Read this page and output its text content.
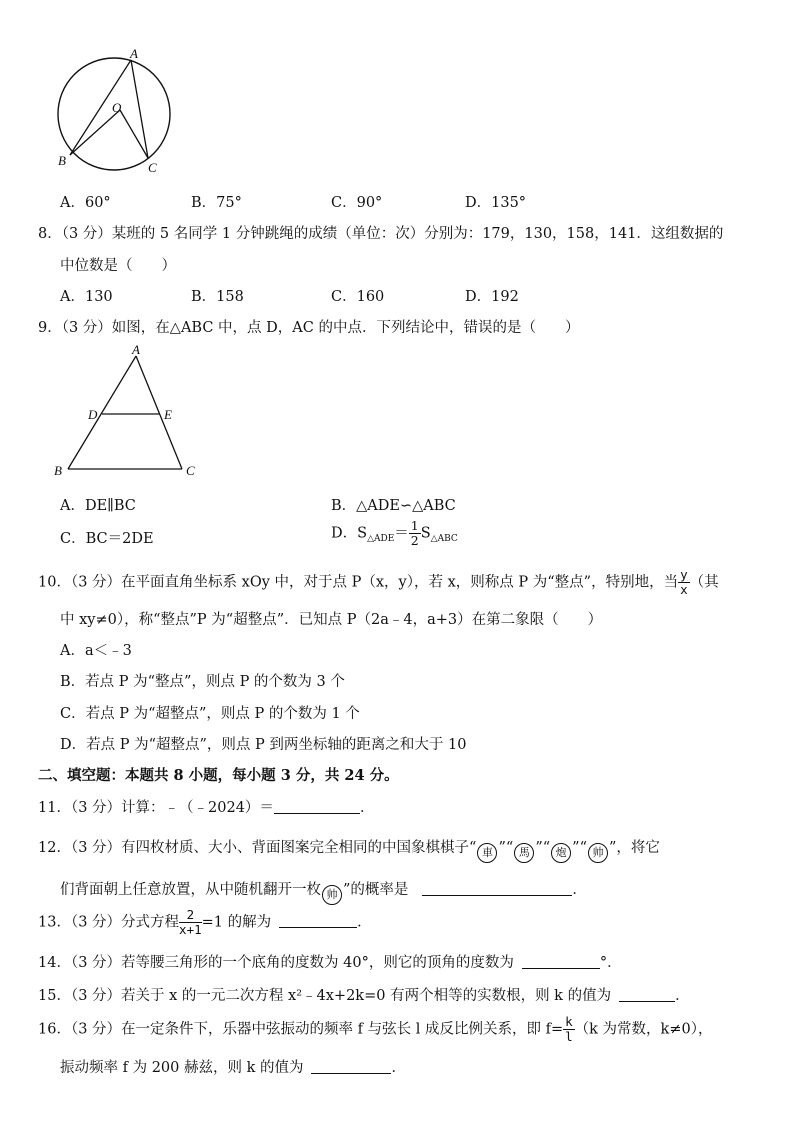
A
O
B	C
A．60°	B．75°	C．90°	D．135°
8．（3 分）某班的 5 名同学 1 分钟跳绳的成绩（单位：次）分别为：179，130，158，141．这组数据的
中位数是（　　）
A．130	B．158	C．160	D．192
9．（3 分）如图，在△ABC 中，点 D，AC 的中点．下列结论中，错误的是（　　）
A
D	E
B	C
A．DE∥BC	B．△ADE∽△ABC
C．BC＝2DE	D．$S_{\triangle ADE}= \frac{1}{2} S_{\triangle ABC}$
10．（3 分）在平面直角坐标系 xOy 中，对于点 P（x，y），若 x，则称点 P 为“整点”，特别地，当 $\frac{y}{x}$ （其
中 xy≠0），称“整点”P 为“超整点”．已知点 P（2a﹣4，a+3）在第二象限（　　）
A．a＜﹣3
B．若点 P 为“整点”，则点 P 的个数为 3 个
C．若点 P 为“超整点”，则点 P 的个数为 1 个
D．若点 P 为“超整点”，则点 P 到两坐标轴的距离之和大于 10
二、填空题：本题共 8 小题，每小题 3 分，共 24 分。
11．（3 分）计算：﹣（﹣2024）＝	．
12．（3 分）有四枚材质、大小、背面图案完全相同的中国象棋棋子“ 車 ”“ 馬 ”“ 炮 ”“ 帅 ”，将它
们背面朝上任意放置，从中随机翻开一枚 帅 ”的概率是	．
13．（3 分）分式方程 $\frac{2}{x+1} =1$ 的解为	．
14．（3 分）若等腰三角形的一个底角的度数为 40°，则它的顶角的度数为	°．
15．（3 分）若关于 x 的一元二次方程 x²﹣4x+2k=0 有两个相等的实数根，则 k 的值为	．
16．（3 分）在一定条件下，乐器中弦振动的频率 f 与弦长 l 成反比例关系，即 $f= \frac{k}{l} (k$ 为常数，k≠0），
振动频率 f 为 200 赫兹，则 k 的值为	．
